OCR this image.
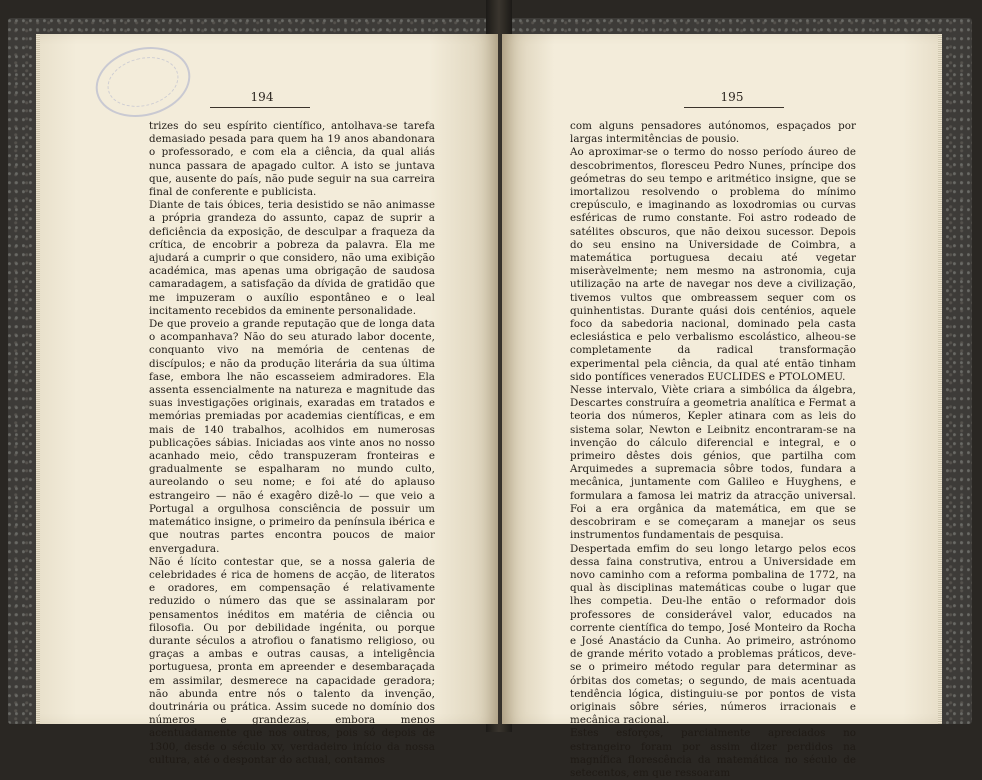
194

trizes do seu espírito científico, antolhava-se tarefa demasiado pesada para quem ha 19 anos abandonara o professorado, e com ela a ciência, da qual aliás nunca passara de apagado cultor. A isto se juntava que, ausente do país, não pude seguir na sua carreira final de conferente e publicista.
Diante de tais óbices, teria desistido se não animasse a própria grandeza do assunto, capaz de suprir a deficiência da exposição, de desculpar a fraqueza da crítica, de encobrir a pobreza da palavra. Ela me ajudará a cumprir o que considero, não uma exibição académica, mas apenas uma obrigação de saudosa camaradagem, a satisfação da dívida de gratidão que me impuzeram o auxílio espontâneo e o leal incitamento recebidos da eminente personalidade.
De que proveio a grande reputação que de longa data o acompanhava? Não do seu aturado labor docente, conquanto vivo na memória de centenas de discípulos; e não da produção literária da sua última fase, embora lhe não escasseiem admiradores. Ela assenta essencialmente na natureza e magnitude das suas investigações originais, exaradas em tratados e memórias premiadas por academias científicas, e em mais de 140 trabalhos, acolhidos em numerosas publicações sábias. Iniciadas aos vinte anos no nosso acanhado meio, cêdo transpuzeram fronteiras e gradualmente se espalharam no mundo culto, aureolando o seu nome; e foi até do aplauso estrangeiro — não é exagêro dizê-lo — que veio a Portugal a orgulhosa consciência de possuir um matemático insigne, o primeiro da península ibérica e que noutras partes encontra poucos de maior envergadura.
Não é lícito contestar que, se a nossa galeria de celebridades é rica de homens de acção, de literatos e oradores, em compensação é relativamente reduzido o número das que se assinalaram por pensamentos inéditos em matéria de ciência ou filosofia. Ou por debilidade ingénita, ou porque durante séculos a atrofiou o fanatismo religioso, ou graças a ambas e outras causas, a inteligência portuguesa, pronta em apreender e desembaraçada em assimilar, desmerece na capacidade geradora; não abunda entre nós o talento da invenção, doutrinária ou prática. Assim sucede no domínio dos números e grandezas, embora menos acentuadamente que nos outros, pois só depois de 1300, desde o século xv, verdadeiro início da nossa cultura, até o despontar do actual, contamos

195

com alguns pensadores autónomos, espaçados por largas intermitências de pousio.
Ao aproximar-se o termo do nosso período áureo de descobrimentos, floresceu Pedro Nunes, príncipe dos geómetras do seu tempo e aritmético insigne, que se imortalizou resolvendo o problema do mínimo crepúsculo, e imaginando as loxodromias ou curvas esféricas de rumo constante. Foi astro rodeado de satélites obscuros, que não deixou sucessor. Depois do seu ensino na Universidade de Coimbra, a matemática portuguesa decaiu até vegetar miseràvelmente; nem mesmo na astronomia, cuja utilização na arte de navegar nos deve a civilização, tivemos vultos que ombreassem sequer com os quinhentistas. Durante quási dois centénios, aquele foco da sabedoria nacional, dominado pela casta eclesiástica e pelo verbalismo escolástico, alheou-se completamente da radical transformação experimental pela ciência, da qual até então tinham sido pontífices venerados EUCLIDES e PTOLOMEU.
Nesse intervalo, Viète criara a simbólica da álgebra, Descartes construíra a geometria analítica e Fermat a teoria dos números, Kepler atinara com as leis do sistema solar, Newton e Leibnitz encontraram-se na invenção do cálculo diferencial e integral, e o primeiro dêstes dois génios, que partilha com Arquimedes a supremacia sôbre todos, fundara a mecânica, juntamente com Galileo e Huyghens, e formulara a famosa lei matriz da atracção universal. Foi a era orgânica da matemática, em que se descobriram e se começaram a manejar os seus instrumentos fundamentais de pesquisa.
Despertada emfim do seu longo letargo pelos ecos dessa faina construtiva, entrou a Universidade em novo caminho com a reforma pombalina de 1772, na qual às disciplinas matemáticas coube o lugar que lhes competia. Deu-lhe então o reformador dois professores de considerável valor, educados na corrente científica do tempo, José Monteiro da Rocha e José Anastácio da Cunha. Ao primeiro, astrónomo de grande mérito votado a problemas práticos, deve-se o primeiro método regular para determinar as órbitas dos cometas; o segundo, de mais acentuada tendência lógica, distinguiu-se por pontos de vista originais sôbre séries, números irracionais e mecânica racional.
Estes esforços, parcialmente apreciados no estrangeiro foram por assim dizer perdidos na magnífica florescência da matemática no século de setecentos, em que ressoaram
